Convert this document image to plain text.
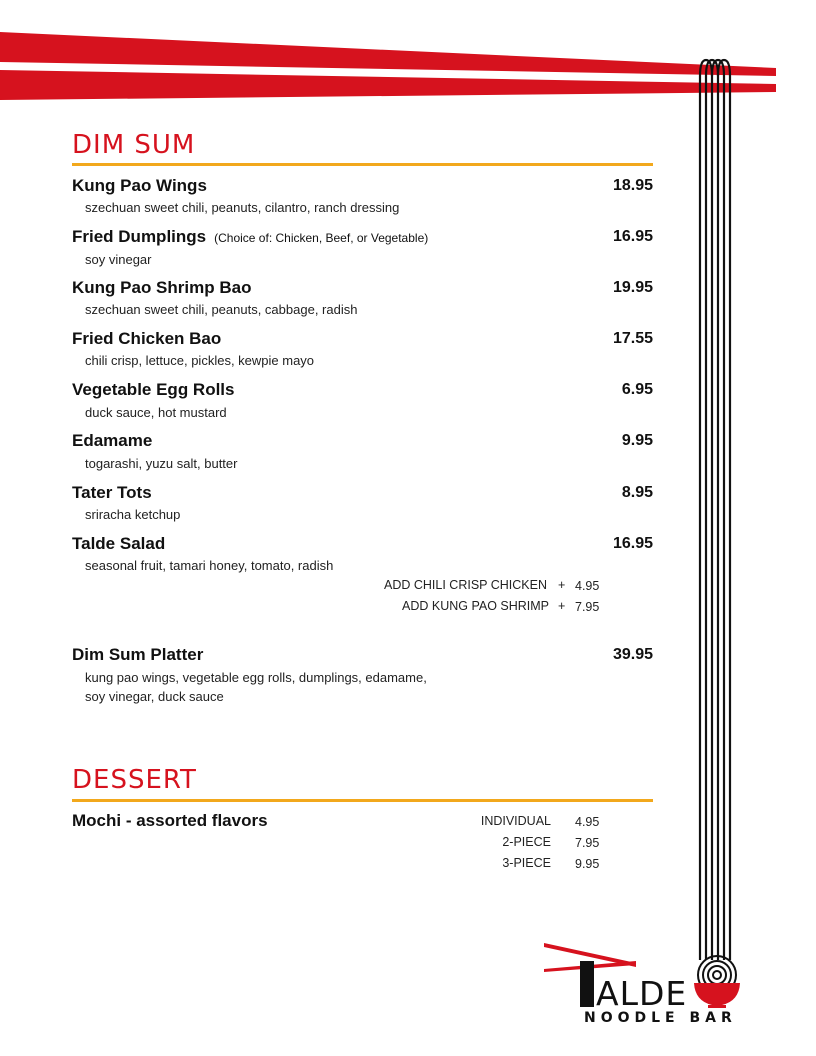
DIM SUM
Kung Pao Wings
szechuan sweet chili, peanuts, cilantro, ranch dressing
18.95
Fried Dumplings (Choice of: Chicken, Beef, or Vegetable)
soy vinegar
16.95
Kung Pao Shrimp Bao
szechuan sweet chili, peanuts, cabbage, radish
19.95
Fried Chicken Bao
chili crisp, lettuce, pickles, kewpie mayo
17.55
Vegetable Egg Rolls
duck sauce, hot mustard
6.95
Edamame
togarashi, yuzu salt, butter
9.95
Tater Tots
sriracha ketchup
8.95
Talde Salad
seasonal fruit, tamari honey, tomato, radish
16.95
ADD CHILI CRISP CHICKEN + 4.95
ADD KUNG PAO SHRIMP + 7.95
Dim Sum Platter
kung pao wings, vegetable egg rolls, dumplings, edamame,
soy vinegar, duck sauce
39.95
DESSERT
Mochi - assorted flavors	INDIVIDUAL 4.95
2-PIECE 7.95
3-PIECE 9.95
ALDE
NOODLE BAR
